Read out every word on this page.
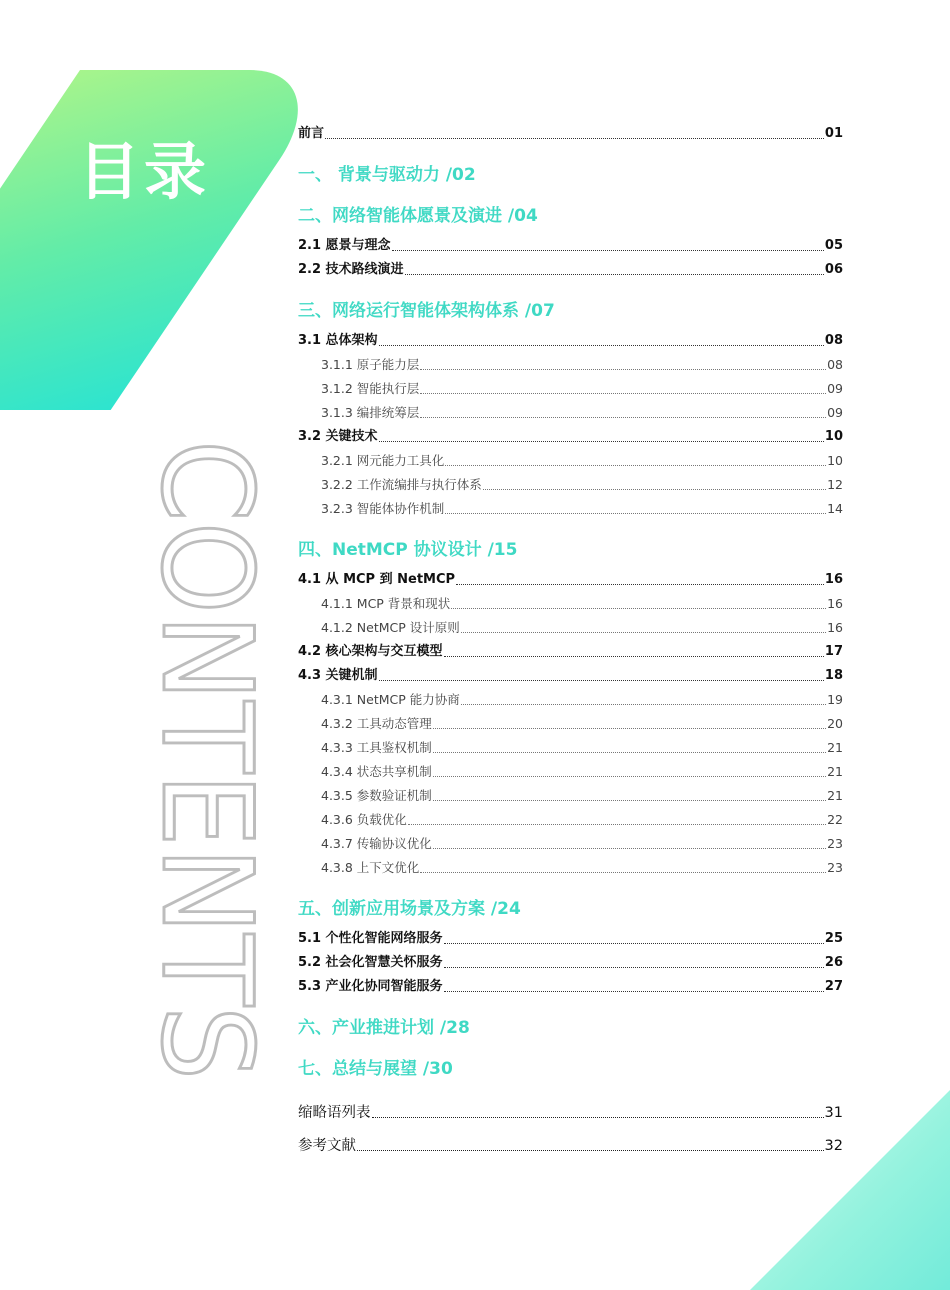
目录
CONTENTS
前言	01
一、 背景与驱动力 /02
二、网络智能体愿景及演进 /04
2.1 愿景与理念	05
2.2 技术路线演进	06
三、网络运行智能体架构体系 /07
3.1 总体架构	08
3.1.1 原子能力层	08
3.1.2 智能执行层	09
3.1.3 编排统筹层	09
3.2 关键技术	10
3.2.1 网元能力工具化	10
3.2.2 工作流编排与执行体系	12
3.2.3 智能体协作机制	14
四、NetMCP 协议设计 /15
4.1 从 MCP 到 NetMCP	16
4.1.1 MCP 背景和现状	16
4.1.2 NetMCP 设计原则	16
4.2 核心架构与交互模型	17
4.3 关键机制	18
4.3.1 NetMCP 能力协商	19
4.3.2 工具动态管理	20
4.3.3 工具鉴权机制	21
4.3.4 状态共享机制	21
4.3.5 参数验证机制	21
4.3.6 负载优化	22
4.3.7 传输协议优化	23
4.3.8 上下文优化	23
五、创新应用场景及方案 /24
5.1 个性化智能网络服务	25
5.2 社会化智慧关怀服务	26
5.3 产业化协同智能服务	27
六、产业推进计划 /28
七、总结与展望 /30
缩略语列表	31
参考文献	32
